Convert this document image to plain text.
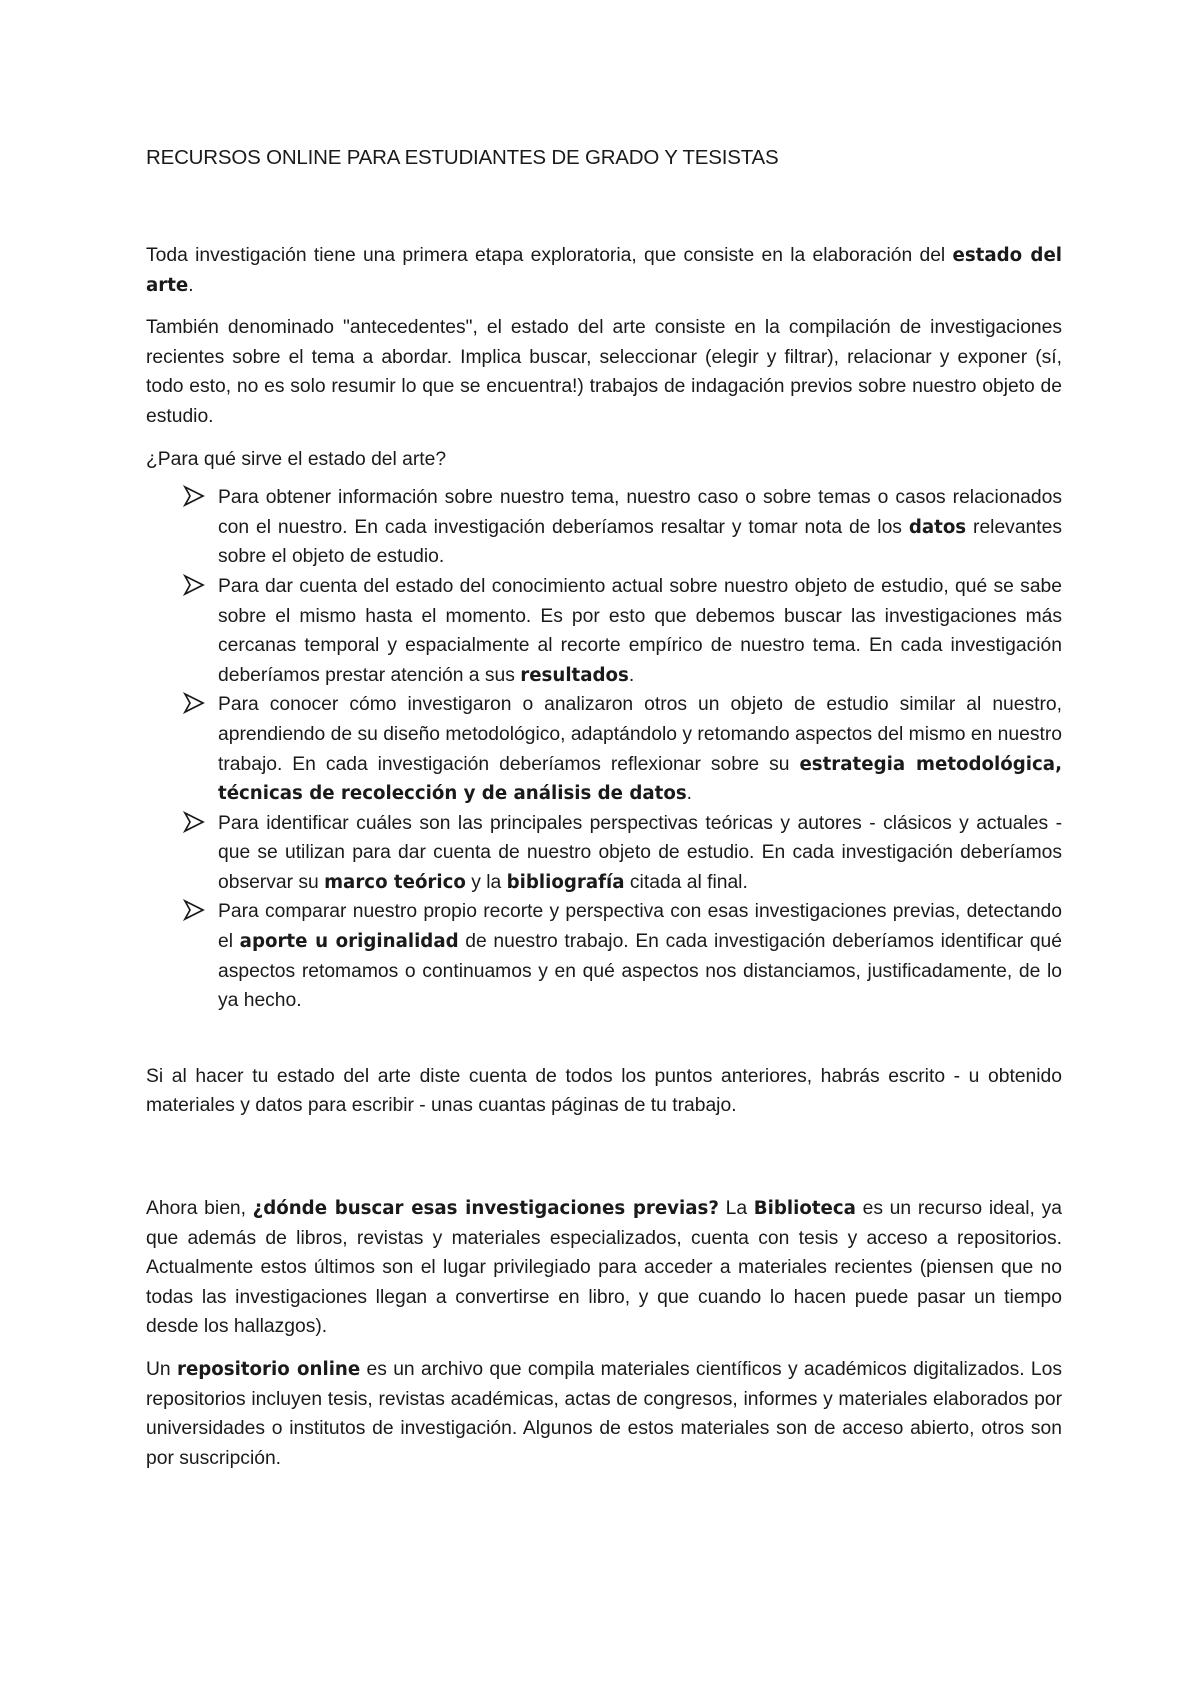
RECURSOS ONLINE PARA ESTUDIANTES DE GRADO Y TESISTAS

Toda investigación tiene una primera etapa exploratoria, que consiste en la elaboración del estado del arte.

También denominado "antecedentes", el estado del arte consiste en la compilación de investigaciones recientes sobre el tema a abordar. Implica buscar, seleccionar (elegir y filtrar), relacionar y exponer (sí, todo esto, no es solo resumir lo que se encuentra!) trabajos de indagación previos sobre nuestro objeto de estudio.

¿Para qué sirve el estado del arte?

Para obtener información sobre nuestro tema, nuestro caso o sobre temas o casos relacionados con el nuestro. En cada investigación deberíamos resaltar y tomar nota de los datos relevantes sobre el objeto de estudio.
Para dar cuenta del estado del conocimiento actual sobre nuestro objeto de estudio, qué se sabe sobre el mismo hasta el momento. Es por esto que debemos buscar las investigaciones más cercanas temporal y espacialmente al recorte empírico de nuestro tema. En cada investigación deberíamos prestar atención a sus resultados.
Para conocer cómo investigaron o analizaron otros un objeto de estudio similar al nuestro, aprendiendo de su diseño metodológico, adaptándolo y retomando aspectos del mismo en nuestro trabajo. En cada investigación deberíamos reflexionar sobre su estrategia metodológica, técnicas de recolección y de análisis de datos.
Para identificar cuáles son las principales perspectivas teóricas y autores - clásicos y actuales - que se utilizan para dar cuenta de nuestro objeto de estudio. En cada investigación deberíamos observar su marco teórico y la bibliografía citada al final.
Para comparar nuestro propio recorte y perspectiva con esas investigaciones previas, detectando el aporte u originalidad de nuestro trabajo. En cada investigación deberíamos identificar qué aspectos retomamos o continuamos y en qué aspectos nos distanciamos, justificadamente, de lo ya hecho.

Si al hacer tu estado del arte diste cuenta de todos los puntos anteriores, habrás escrito - u obtenido materiales y datos para escribir - unas cuantas páginas de tu trabajo.

Ahora bien, ¿dónde buscar esas investigaciones previas? La Biblioteca es un recurso ideal, ya que además de libros, revistas y materiales especializados, cuenta con tesis y acceso a repositorios. Actualmente estos últimos son el lugar privilegiado para acceder a materiales recientes (piensen que no todas las investigaciones llegan a convertirse en libro, y que cuando lo hacen puede pasar un tiempo desde los hallazgos).

Un repositorio online es un archivo que compila materiales científicos y académicos digitalizados. Los repositorios incluyen tesis, revistas académicas, actas de congresos, informes y materiales elaborados por universidades o institutos de investigación. Algunos de estos materiales son de acceso abierto, otros son por suscripción.
